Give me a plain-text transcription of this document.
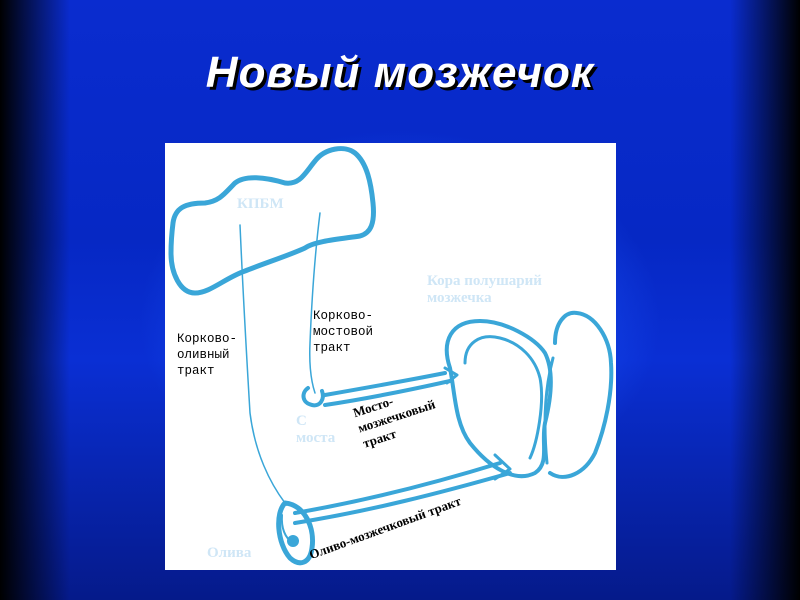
Новый мозжечок
КПБМ
Кора полушарий
мозжечка
Корково-
оливный
тракт
Корково-
мостовой
тракт
С
моста
Мосто-
мозжечковый
тракт
Оливо-мозжечковый тракт
Олива
